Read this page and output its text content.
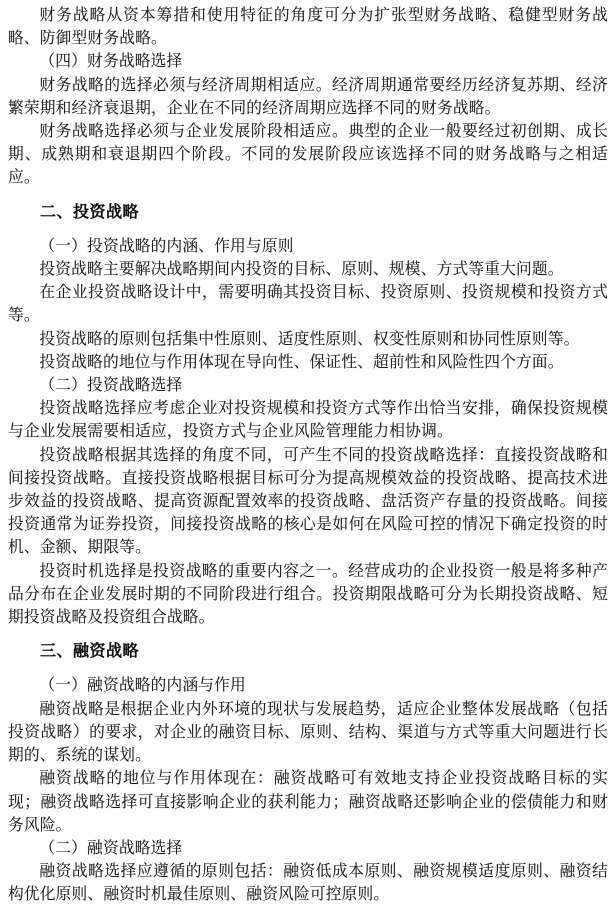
财务战略从资本筹措和使用特征的角度可分为扩张型财务战略、稳健型财务战略、防御型财务战略。

（四）财务战略选择

财务战略的选择必须与经济周期相适应。经济周期通常要经历经济复苏期、经济繁荣期和经济衰退期，企业在不同的经济周期应选择不同的财务战略。

财务战略选择必须与企业发展阶段相适应。典型的企业一般要经过初创期、成长期、成熟期和衰退期四个阶段。不同的发展阶段应该选择不同的财务战略与之相适应。

二、投资战略

（一）投资战略的内涵、作用与原则

投资战略主要解决战略期间内投资的目标、原则、规模、方式等重大问题。

在企业投资战略设计中，需要明确其投资目标、投资原则、投资规模和投资方式等。

投资战略的原则包括集中性原则、适度性原则、权变性原则和协同性原则等。

投资战略的地位与作用体现在导向性、保证性、超前性和风险性四个方面。

（二）投资战略选择

投资战略选择应考虑企业对投资规模和投资方式等作出恰当安排，确保投资规模与企业发展需要相适应，投资方式与企业风险管理能力相协调。

投资战略根据其选择的角度不同，可产生不同的投资战略选择：直接投资战略和间接投资战略。直接投资战略根据目标可分为提高规模效益的投资战略、提高技术进步效益的投资战略、提高资源配置效率的投资战略、盘活资产存量的投资战略。间接投资通常为证券投资，间接投资战略的核心是如何在风险可控的情况下确定投资的时机、金额、期限等。

投资时机选择是投资战略的重要内容之一。经营成功的企业投资一般是将多种产品分布在企业发展时期的不同阶段进行组合。投资期限战略可分为长期投资战略、短期投资战略及投资组合战略。

三、融资战略

（一）融资战略的内涵与作用

融资战略是根据企业内外环境的现状与发展趋势，适应企业整体发展战略（包括投资战略）的要求，对企业的融资目标、原则、结构、渠道与方式等重大问题进行长期的、系统的谋划。

融资战略的地位与作用体现在：融资战略可有效地支持企业投资战略目标的实现；融资战略选择可直接影响企业的获利能力；融资战略还影响企业的偿债能力和财务风险。

（二）融资战略选择

融资战略选择应遵循的原则包括：融资低成本原则、融资规模适度原则、融资结构优化原则、融资时机最佳原则、融资风险可控原则。
